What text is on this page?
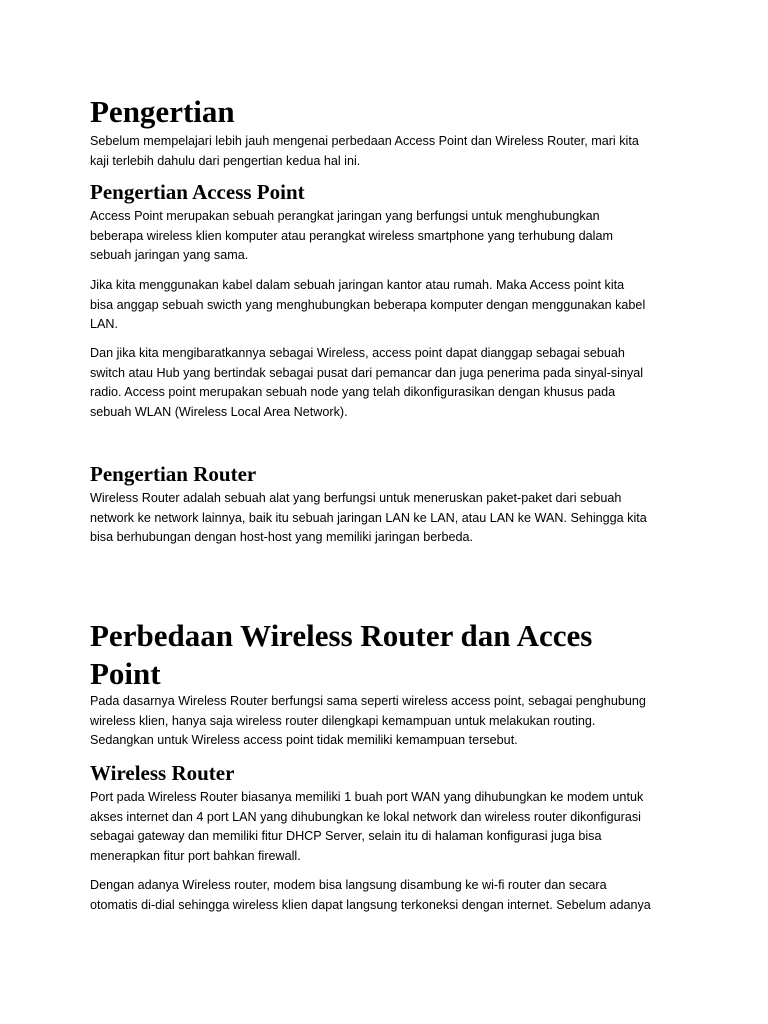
Pengertian
Sebelum mempelajari lebih jauh mengenai perbedaan Access Point dan Wireless Router, mari kita
kaji terlebih dahulu dari pengertian kedua hal ini.
Pengertian Access Point
Access Point merupakan sebuah perangkat jaringan yang berfungsi untuk menghubungkan
beberapa wireless klien komputer atau perangkat wireless smartphone yang terhubung dalam
sebuah jaringan yang sama.
Jika kita menggunakan kabel dalam sebuah jaringan kantor atau rumah. Maka Access point kita
bisa anggap sebuah swicth yang menghubungkan beberapa komputer dengan menggunakan kabel
LAN.
Dan jika kita mengibaratkannya sebagai Wireless, access point dapat dianggap sebagai sebuah
switch atau Hub yang bertindak sebagai pusat dari pemancar dan juga penerima pada sinyal-sinyal
radio. Access point merupakan sebuah node yang telah dikonfigurasikan dengan khusus pada
sebuah WLAN (Wireless Local Area Network).
Pengertian Router
Wireless Router adalah sebuah alat yang berfungsi untuk meneruskan paket-paket dari sebuah
network ke network lainnya, baik itu sebuah jaringan LAN ke LAN, atau LAN ke WAN. Sehingga kita
bisa berhubungan dengan host-host yang memiliki jaringan berbeda.
Perbedaan Wireless Router dan Acces
Point
Pada dasarnya Wireless Router berfungsi sama seperti wireless access point, sebagai penghubung
wireless klien, hanya saja wireless router dilengkapi kemampuan untuk melakukan routing.
Sedangkan untuk Wireless access point tidak memiliki kemampuan tersebut.
Wireless Router
Port pada Wireless Router biasanya memiliki 1 buah port WAN yang dihubungkan ke modem untuk
akses internet dan 4 port LAN yang dihubungkan ke lokal network dan wireless router dikonfigurasi
sebagai gateway dan memiliki fitur DHCP Server, selain itu di halaman konfigurasi juga bisa
menerapkan fitur port bahkan firewall.
Dengan adanya Wireless router, modem bisa langsung disambung ke wi-fi router dan secara
otomatis di-dial sehingga wireless klien dapat langsung terkoneksi dengan internet. Sebelum adanya
